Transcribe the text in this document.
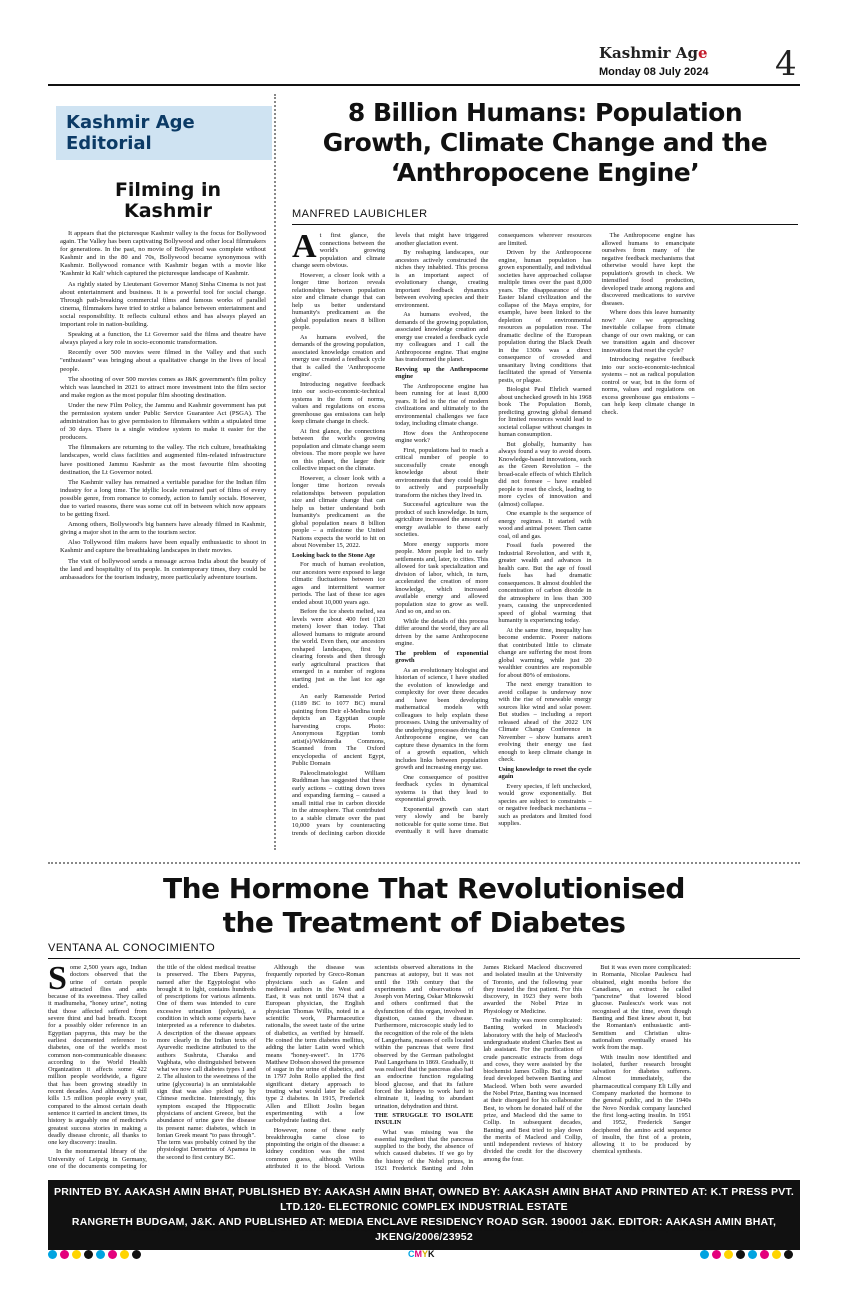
Kashmir Age
Monday 08 July 2024 4
Kashmir Age Editorial
Filming in Kashmir

It appears that the picturesque Kashmir valley is the focus for Bollywood again. The Valley has been captivating Bollywood and other local filmmakers for generations. In the past, no movie of Bollywood was complete without Kashmir and in the 80 and 70s, Bollywood became synonymous with Kashmir. Bollywood romance with Kashmir began with a movie like 'Kashmir ki Kali' which captured the picturesque landscape of Kashmir.

As rightly stated by Lieutenant Governor Manoj Sinha Cinema is not just about entertainment and business. It is a powerful tool for social change. Through path-breaking commercial films and famous works of parallel cinema, filmmakers have tried to strike a balance between entertainment and social responsibility. It reflects cultural ethos and has always played an important role in nation-building.

Speaking at a function, the Lt Governor said the films and theatre have always played a key role in socio-economic transformation.

Recently over 500 movies were filmed in the Valley and that such "enthusiasm" was bringing about a qualitative change in the lives of local people.

The shooting of over 500 movies comes as J&K government's film policy which was launched in 2021 to attract more investment into the film sector and make region as the most popular film shooting destination.

Under the new Film Policy, the Jammu and Kashmir government has put the permission system under Public Service Guarantee Act (PSGA). The administration has to give permission to filmmakers within a stipulated time of 30 days. There is a single window system to make it easier for the producers.

The filmmakers are returning to the valley. The rich culture, breathtaking landscapes, world class facilities and augmented film-related infrastructure have positioned Jammu Kashmir as the most favourite film shooting destination, the Lt Governor noted.

The Kashmir valley has remained a veritable paradise for the Indian film industry for a long time. The idyllic locale remained part of films of every possible genre, from romance to comedy, action to family socials. However, due to varied reasons, there was some cut off in between which now appears to be getting fixed.

Among others, Bollywood's big banners have already filmed in Kashmir, giving a major shot in the arm to the tourism sector.

Also Tollywood film makers have been equally enthusiastic to shoot in Kashmir and capture the breathtaking landscapes in their movies.

The visit of bollywood sends a message across India about the beauty of the land and hospitality of its people. In contemporary times, they could be ambassadors for the tourism industry, more particularly adventure tourism.

8 Billion Humans: Population Growth, Climate Change and the ‘Anthropocene Engine’
MANFRED LAUBICHLER

At first glance, the connections between the world's growing population and climate change seem obvious.

However, a closer look with a longer time horizon reveals relationships between population size and climate change that can help us better understand humanity's predicament as the global population nears 8 billion people.

As humans evolved, the demands of the growing population, associated knowledge creation and energy use created a feedback cycle that is called the 'Anthropocene engine'.

Introducing negative feedback into our socio-economic-technical systems in the form of norms, values and regulations on excess greenhouse gas emissions can help keep climate change in check.

At first glance, the connections between the world's growing population and climate change seem obvious. The more people we have on this planet, the larger their collective impact on the climate.

However, a closer look with a longer time horizon reveals relationships between population size and climate change that can help us better understand both humanity's predicament as the global population nears 8 billion people – a milestone the United Nations expects the world to hit on about November 15, 2022.

Looking back to the Stone Age

For much of human evolution, our ancestors were exposed to large climatic fluctuations between ice ages and intermittent warmer periods. The last of these ice ages ended about 10,000 years ago.

Before the ice sheets melted, sea levels were about 400 feet (120 meters) lower than today. That allowed humans to migrate around the world. Even then, our ancestors reshaped landscapes, first by clearing forests and then through early agricultural practices that emerged in a number of regions starting just as the last ice age ended.

An early Ramesside Period (1189 BC to 1077 BC) mural painting from Deir el-Medina tomb depicts an Egyptian couple harvesting crops. Photo: Anonymous Egyptian tomb artist(s)/Wikimedia Commons, Scanned from The Oxford encyclopedia of ancient Egypt, Public Domain

Paleoclimatologist William Ruddiman has suggested that these early actions – cutting down trees and expanding farming – caused a small initial rise in carbon dioxide in the atmosphere. That contributed to a stable climate over the past 10,000 years by counteracting trends of declining carbon dioxide levels that might have triggered another glaciation event.

By reshaping landscapes, our ancestors actively constructed the niches they inhabited. This process is an important aspect of evolutionary change, creating important feedback dynamics between evolving species and their environment.

As humans evolved, the demands of the growing population, associated knowledge creation and energy use created a feedback cycle my colleagues and I call the Anthropocene engine. That engine has transformed the planet.

Revving up the Anthropocene engine

The Anthropocene engine has been running for at least 8,000 years. It led to the rise of modern civilizations and ultimately to the environmental challenges we face today, including climate change.

How does the Anthropocene engine work?

First, populations had to reach a critical number of people to successfully create enough knowledge about their environments that they could begin to actively and purposefully transform the niches they lived in.

Successful agriculture was the product of such knowledge. In turn, agriculture increased the amount of energy available to these early societies.

More energy supports more people. More people led to early settlements and, later, to cities. This allowed for task specialization and division of labor, which, in turn, accelerated the creation of more knowledge, which increased available energy and allowed population size to grow as well. And so on, and so on.

While the details of this process differ around the world, they are all driven by the same Anthropocene engine.

The problem of exponential growth

As an evolutionary biologist and historian of science, I have studied the evolution of knowledge and complexity for over three decades and have been developing mathematical models with colleagues to help explain these processes. Using the universality of the underlying processes driving the Anthropocene engine, we can capture these dynamics in the form of a growth equation, which includes links between population growth and increasing energy use.

One consequence of positive feedback cycles in dynamical systems is that they lead to exponential growth.

Exponential growth can start very slowly and be barely noticeable for quite some time. But eventually it will have dramatic consequences wherever resources are limited.

Driven by the Anthropocene engine, human population has grown exponentially, and individual societies have approached collapse multiple times over the past 8,000 years. The disappearance of the Easter Island civilization and the collapse of the Maya empire, for example, have been linked to the depletion of environmental resources as population rose. The dramatic decline of the European population during the Black Death in the 1300s was a direct consequence of crowded and unsanitary living conditions that facilitated the spread of Yersenia pestis, or plague.

Biologist Paul Ehrlich warned about unchecked growth in his 1968 book The Population Bomb, predicting growing global demand for limited resources would lead to societal collapse without changes in human consumption.

But globally, humanity has always found a way to avoid doom. Knowledge-based innovations, such as the Green Revolution – the broad-scale effects of which Ehrlich did not foresee – have enabled people to reset the clock, leading to more cycles of innovation and (almost) collapse.

One example is the sequence of energy regimes. It started with wood and animal power. Then came coal, oil and gas.

Fossil fuels powered the Industrial Revolution, and with it, greater wealth and advances in health care. But the age of fossil fuels has had dramatic consequences. It almost doubled the concentration of carbon dioxide in the atmosphere in less than 300 years, causing the unprecedented speed of global warming that humanity is experiencing today.

At the same time, inequality has become endemic. Poorer nations that contributed little to climate change are suffering the most from global warming, while just 20 wealthier countries are responsible for about 80% of emissions.

The next energy transition to avoid collapse is underway now with the rise of renewable energy sources like wind and solar power. But studies – including a report released ahead of the 2022 UN Climate Change Conference in November – show humans aren't evolving their energy use fast enough to keep climate change in check.

Using knowledge to reset the cycle again

Every species, if left unchecked, would grow exponentially. But species are subject to constraints – or negative feedback mechanisms – such as predators and limited food supplies.

The Anthropocene engine has allowed humans to emancipate ourselves from many of the negative feedback mechanisms that otherwise would have kept the population's growth in check. We intensified food production, developed trade among regions and discovered medications to survive diseases.

Where does this leave humanity now? Are we approaching inevitable collapse from climate change of our own making, or can we transition again and discover innovations that reset the cycle?

Introducing negative feedback into our socio-economic-technical systems – not as radical population control or war, but in the form of norms, values and regulations on excess greenhouse gas emissions – can help keep climate change in check.

The Hormone That Revolutionised the Treatment of Diabetes
VENTANA AL CONOCIMIENTO

Some 2,500 years ago, Indian doctors observed that the urine of certain people attracted flies and ants because of its sweetness. They called it madhumeha, "honey urine", noting that those affected suffered from severe thirst and bad breath. Except for a possibly older reference in an Egyptian papyrus, this may be the earliest documented reference to diabetes, one of the world's most common non-communicable diseases: according to the World Health Organization it affects some 422 million people worldwide, a figure that has been growing steadily in recent decades. And although it still kills 1.5 million people every year, compared to the almost certain death sentence it carried in ancient times, its history is arguably one of medicine's greatest success stories in making a deadly disease chronic, all thanks to one key discovery: insulin.

In the monumental library of the University of Leipzig in Germany, one of the documents competing for the title of the oldest medical treatise is preserved. The Ebers Papyrus, named after the Egyptologist who brought it to light, contains hundreds of prescriptions for various ailments. One of them was intended to cure excessive urination (polyuria), a condition in which some experts have interpreted as a reference to diabetes. A description of the disease appears more clearly in the Indian texts of Ayurvedic medicine attributed to the authors Sushruta, Charaka and Vagbhata, who distinguished between what we now call diabetes types 1 and 2. The allusion to the sweetness of the urine (glycosuria) is an unmistakable sign that was also picked up by Chinese medicine. Interestingly, this symptom escaped the Hippocratic physicians of ancient Greece, but the abundance of urine gave the disease its present name: diabetes, which in Ionian Greek meant "to pass through". The term was probably coined by the physiologist Demetrius of Apamea in the second to first century BC.

Although the disease was frequently reported by Greco-Roman physicians such as Galen and medieval authors in the West and East, it was not until 1674 that a European physician, the English physician Thomas Willis, noted in a scientific work, Pharmaceutice rationalis, the sweet taste of the urine of diabetics, as verified by himself. He coined the term diabetes mellitus, adding the latter Latin word which means "honey-sweet". In 1776 Matthew Dobson showed the presence of sugar in the urine of diabetics, and in 1797 John Rollo applied the first significant dietary approach to treating what would later be called type 2 diabetes. In 1915, Frederick Allen and Elliott Joslin began experimenting with a low carbohydrate fasting diet.

However, none of these early breakthroughs came close to pinpointing the origin of the disease: a kidney condition was the most common guess, although Willis attributed it to the blood. Various scientists observed alterations in the pancreas at autopsy, but it was not until the 19th century that the experiments and observations of Joseph von Mering, Oskar Minkowski and others confirmed that the dysfunction of this organ, involved in digestion, caused the disease. Furthermore, microscopic study led to the recognition of the role of the islets of Langerhans, masses of cells located within the pancreas that were first observed by the German pathologist Paul Langerhans in 1869. Gradually, it was realised that the pancreas also had an endocrine function regulating blood glucose, and that its failure forced the kidneys to work hard to eliminate it, leading to abundant urination, dehydration and thirst.

THE STRUGGLE TO ISOLATE INSULIN

What was missing was the essential ingredient that the pancreas supplied to the body, the absence of which caused diabetes. If we go by the history of the Nobel prizes, in 1921 Frederick Banting and John James Rickard Macleod discovered and isolated insulin at the University of Toronto, and the following year they treated the first patient. For this discovery, in 1923 they were both awarded the Nobel Prize in Physiology or Medicine.

The reality was more complicated: Banting worked in Macleod's laboratory with the help of Macleod's undergraduate student Charles Best as lab assistant. For the purification of crude pancreatic extracts from dogs and cows, they were assisted by the biochemist James Collip. But a bitter feud developed between Banting and Macleod. When both were awarded the Nobel Prize, Banting was incensed at their disregard for his collaborator Best, to whom he donated half of the prize, and Macleod did the same to Collip. In subsequent decades, Banting and Best tried to play down the merits of Macleod and Collip, until independent reviews of history divided the credit for the discovery among the four.

But it was even more complicated: in Romania, Nicolae Paulescu had obtained, eight months before the Canadians, an extract he called "pancreine" that lowered blood glucose. Paulescu's work was not recognised at the time, even though Banting and Best knew about it, but the Romanian's enthusiastic anti-Semitism and Christian ultra-nationalism eventually erased his work from the map.

With insulin now identified and isolated, further research brought salvation for diabetes sufferers. Almost immediately, the pharmaceutical company Eli Lilly and Company marketed the hormone to the general public, and in the 1940s the Novo Nordisk company launched the first long-acting insulin. In 1951 and 1952, Frederick Sanger deciphered the amino acid sequence of insulin, the first of a protein, allowing it to be produced by chemical synthesis.

PRINTED BY. AAKASH AMIN BHAT, PUBLISHED BY: AAKASH AMIN BHAT, OWNED BY: AAKASH AMIN BHAT AND PRINTED AT: K.T PRESS PVT. LTD.120- ELECTRONIC COMPLEX INDUSTRIAL ESTATE
RANGRETH BUDGAM, J&K. AND PUBLISHED AT: MEDIA ENCLAVE RESIDENCY ROAD SGR. 190001 J&K. EDITOR: AAKASH AMIN BHAT, JKENG/2006/23952
Articles , Opinions Published in Kashmir age are Personal views and opinions of Writers Kashmir age will not be responsible for any objectionable write up or any claim thereof.
CMYK
